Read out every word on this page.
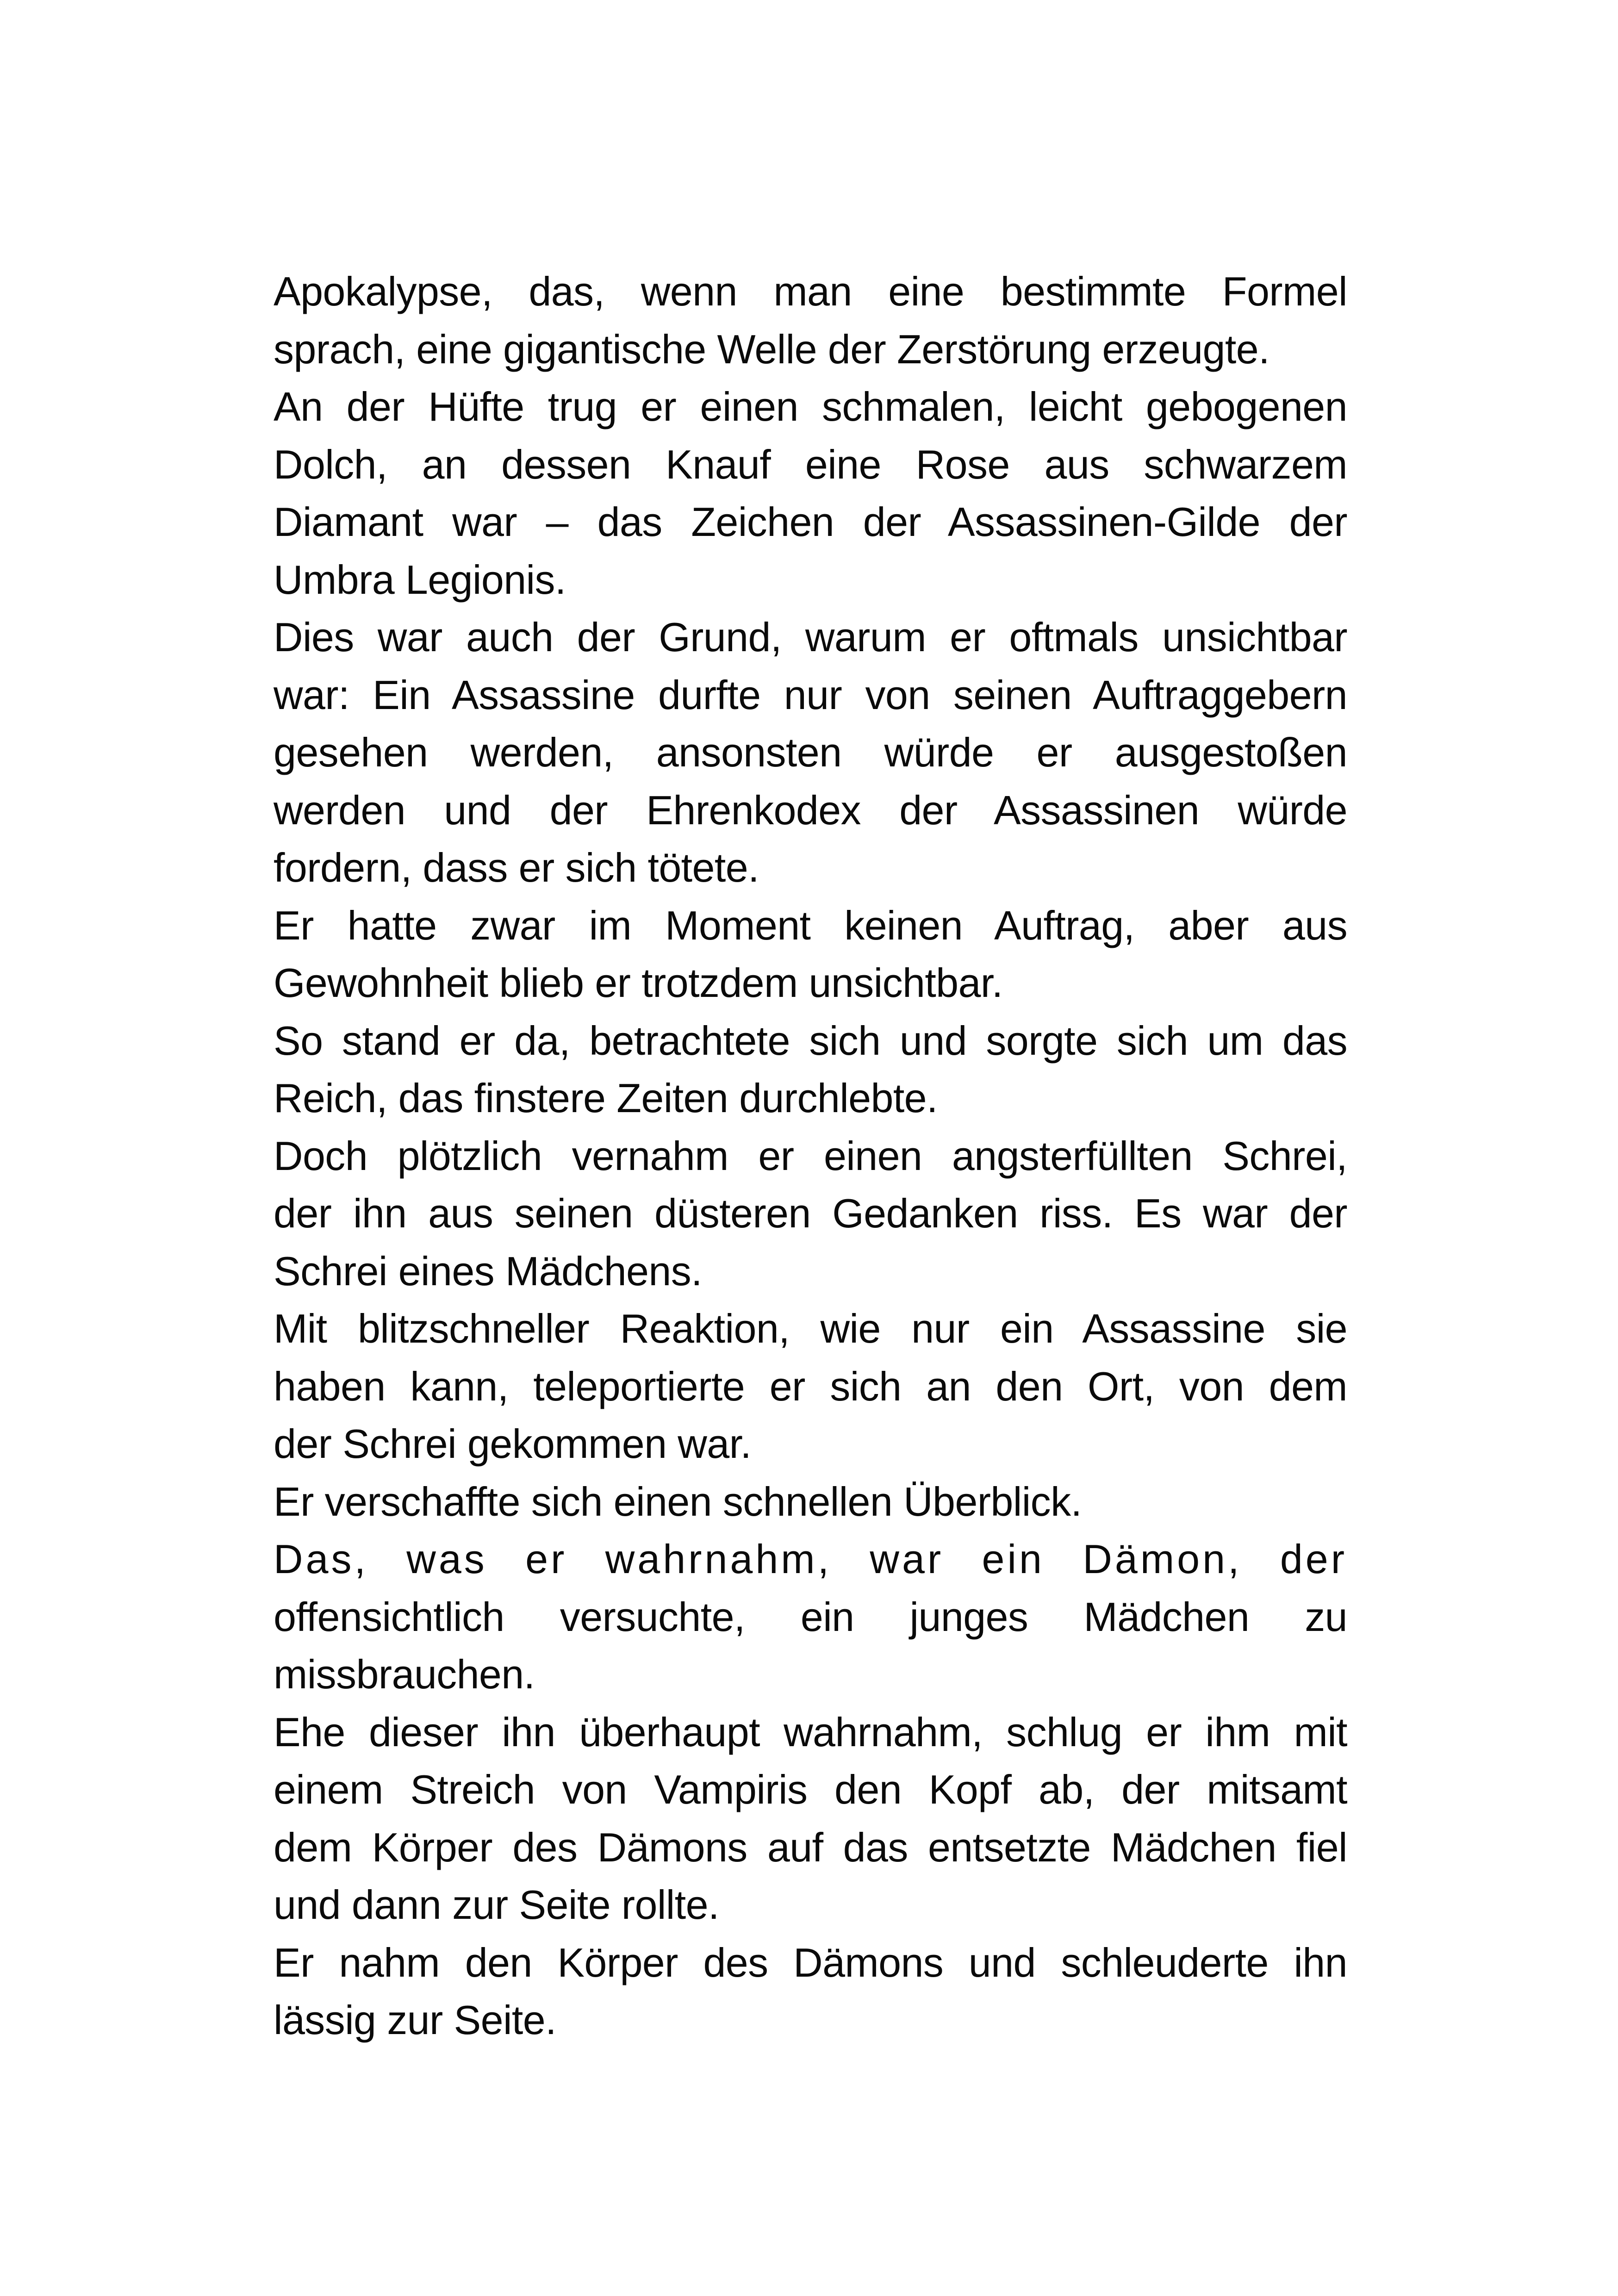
Apokalypse, das, wenn man eine bestimmte Formel
sprach, eine gigantische Welle der Zerstörung erzeugte.
An der Hüfte trug er einen schmalen, leicht gebogenen
Dolch, an dessen Knauf eine Rose aus schwarzem
Diamant war – das Zeichen der Assassinen-Gilde der
Umbra Legionis.
Dies war auch der Grund, warum er oftmals unsichtbar
war: Ein Assassine durfte nur von seinen Auftraggebern
gesehen werden, ansonsten würde er ausgestoßen
werden und der Ehrenkodex der Assassinen würde
fordern, dass er sich tötete.
Er hatte zwar im Moment keinen Auftrag, aber aus
Gewohnheit blieb er trotzdem unsichtbar.
So stand er da, betrachtete sich und sorgte sich um das
Reich, das finstere Zeiten durchlebte.
Doch plötzlich vernahm er einen angsterfüllten Schrei,
der ihn aus seinen düsteren Gedanken riss. Es war der
Schrei eines Mädchens.
Mit blitzschneller Reaktion, wie nur ein Assassine sie
haben kann, teleportierte er sich an den Ort, von dem
der Schrei gekommen war.
Er verschaffte sich einen schnellen Überblick.
Das, was er wahrnahm, war ein Dämon, der
offensichtlich versuchte, ein junges Mädchen zu
missbrauchen.
Ehe dieser ihn überhaupt wahrnahm, schlug er ihm mit
einem Streich von Vampiris den Kopf ab, der mitsamt
dem Körper des Dämons auf das entsetzte Mädchen fiel
und dann zur Seite rollte.
Er nahm den Körper des Dämons und schleuderte ihn
lässig zur Seite.
